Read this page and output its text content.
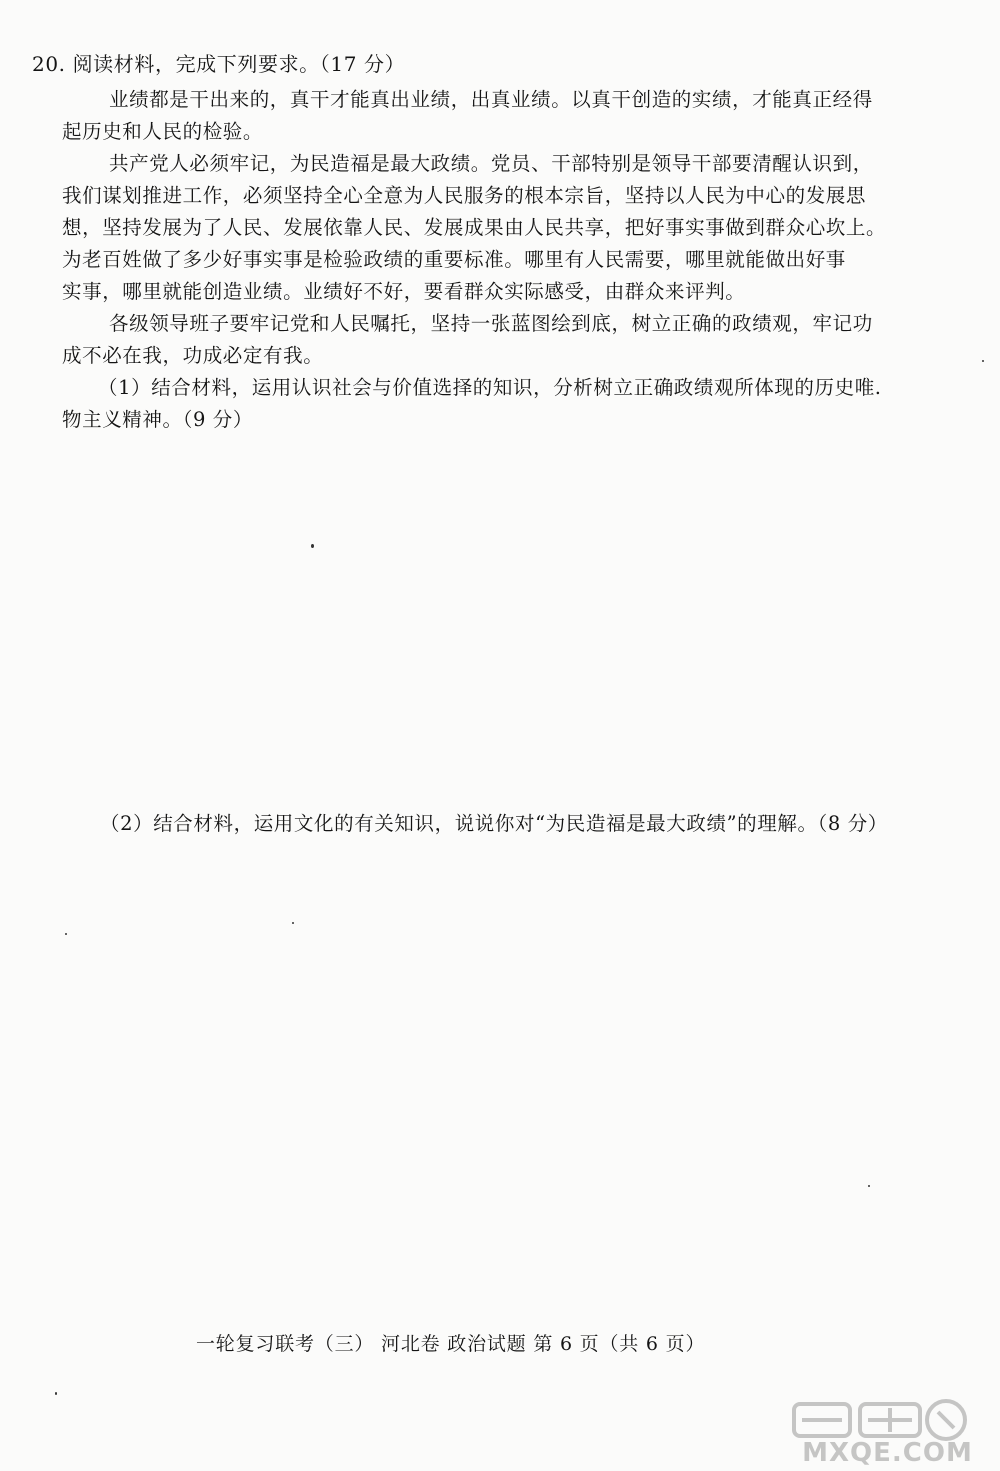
20. 阅读材料，完成下列要求。（17 分）
业绩都是干出来的，真干才能真出业绩，出真业绩。以真干创造的实绩，才能真正经得
起历史和人民的检验。
共产党人必须牢记，为民造福是最大政绩。党员、干部特别是领导干部要清醒认识到，
我们谋划推进工作，必须坚持全心全意为人民服务的根本宗旨，坚持以人民为中心的发展思
想，坚持发展为了人民、发展依靠人民、发展成果由人民共享，把好事实事做到群众心坎上。
为老百姓做了多少好事实事是检验政绩的重要标准。哪里有人民需要，哪里就能做出好事
实事，哪里就能创造业绩。业绩好不好，要看群众实际感受，由群众来评判。
各级领导班子要牢记党和人民嘱托，坚持一张蓝图绘到底，树立正确的政绩观，牢记功
成不必在我，功成必定有我。
（1）结合材料，运用认识社会与价值选择的知识，分析树立正确政绩观所体现的历史唯.
物主义精神。（9 分）
（2）结合材料，运用文化的有关知识，说说你对“为民造福是最大政绩”的理解。（8 分）
一轮复习联考（三） 河北卷 政治试题 第 6 页（共 6 页）
MXQE.COM
